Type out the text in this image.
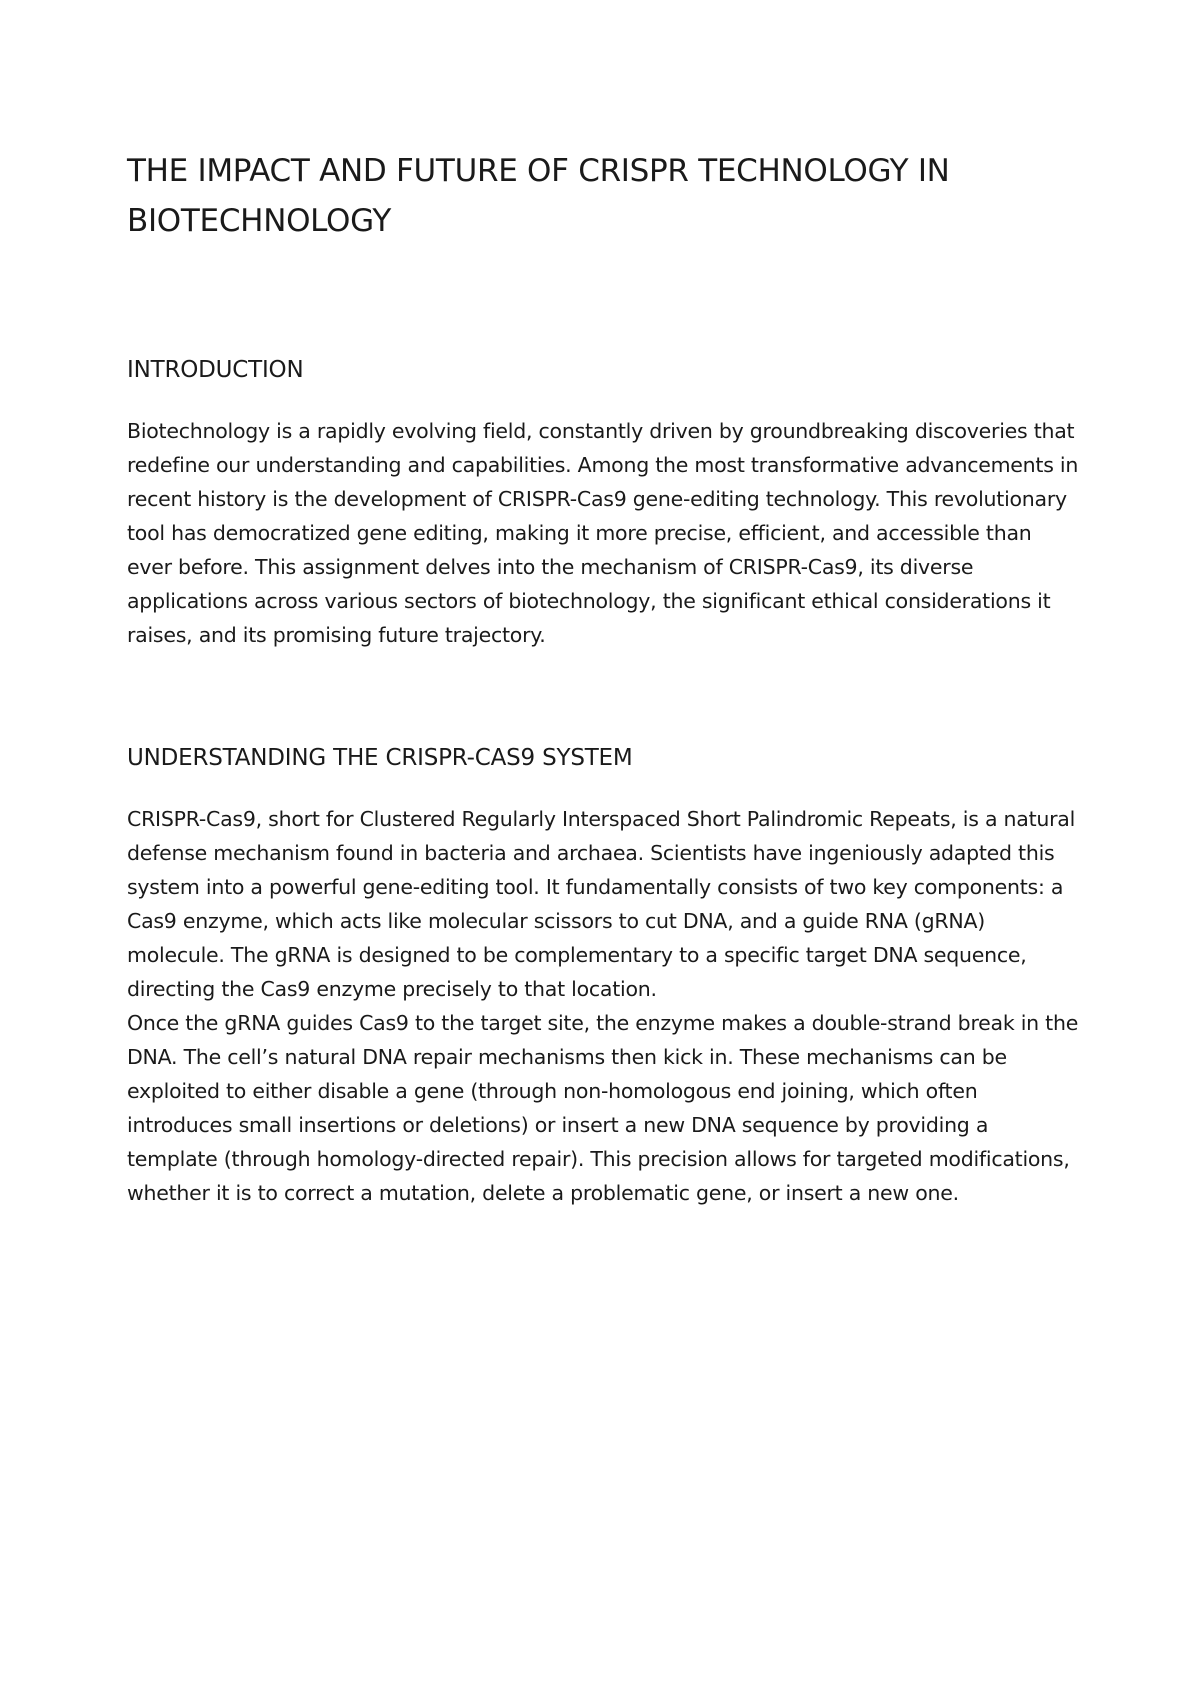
THE IMPACT AND FUTURE OF CRISPR TECHNOLOGY IN BIOTECHNOLOGY
INTRODUCTION

Biotechnology is a rapidly evolving field, constantly driven by groundbreaking discoveries that redefine our understanding and capabilities. Among the most transformative advancements in recent history is the development of CRISPR-Cas9 gene-editing technology. This revolutionary tool has democratized gene editing, making it more precise, efficient, and accessible than ever before. This assignment delves into the mechanism of CRISPR-Cas9, its diverse applications across various sectors of biotechnology, the significant ethical considerations it raises, and its promising future trajectory.

UNDERSTANDING THE CRISPR-CAS9 SYSTEM

CRISPR-Cas9, short for Clustered Regularly Interspaced Short Palindromic Repeats, is a natural defense mechanism found in bacteria and archaea. Scientists have ingeniously adapted this system into a powerful gene-editing tool. It fundamentally consists of two key components: a Cas9 enzyme, which acts like molecular scissors to cut DNA, and a guide RNA (gRNA) molecule. The gRNA is designed to be complementary to a specific target DNA sequence, directing the Cas9 enzyme precisely to that location.

Once the gRNA guides Cas9 to the target site, the enzyme makes a double-strand break in the DNA. The cell’s natural DNA repair mechanisms then kick in. These mechanisms can be exploited to either disable a gene (through non-homologous end joining, which often introduces small insertions or deletions) or insert a new DNA sequence by providing a template (through homology-directed repair). This precision allows for targeted modifications, whether it is to correct a mutation, delete a problematic gene, or insert a new one.
